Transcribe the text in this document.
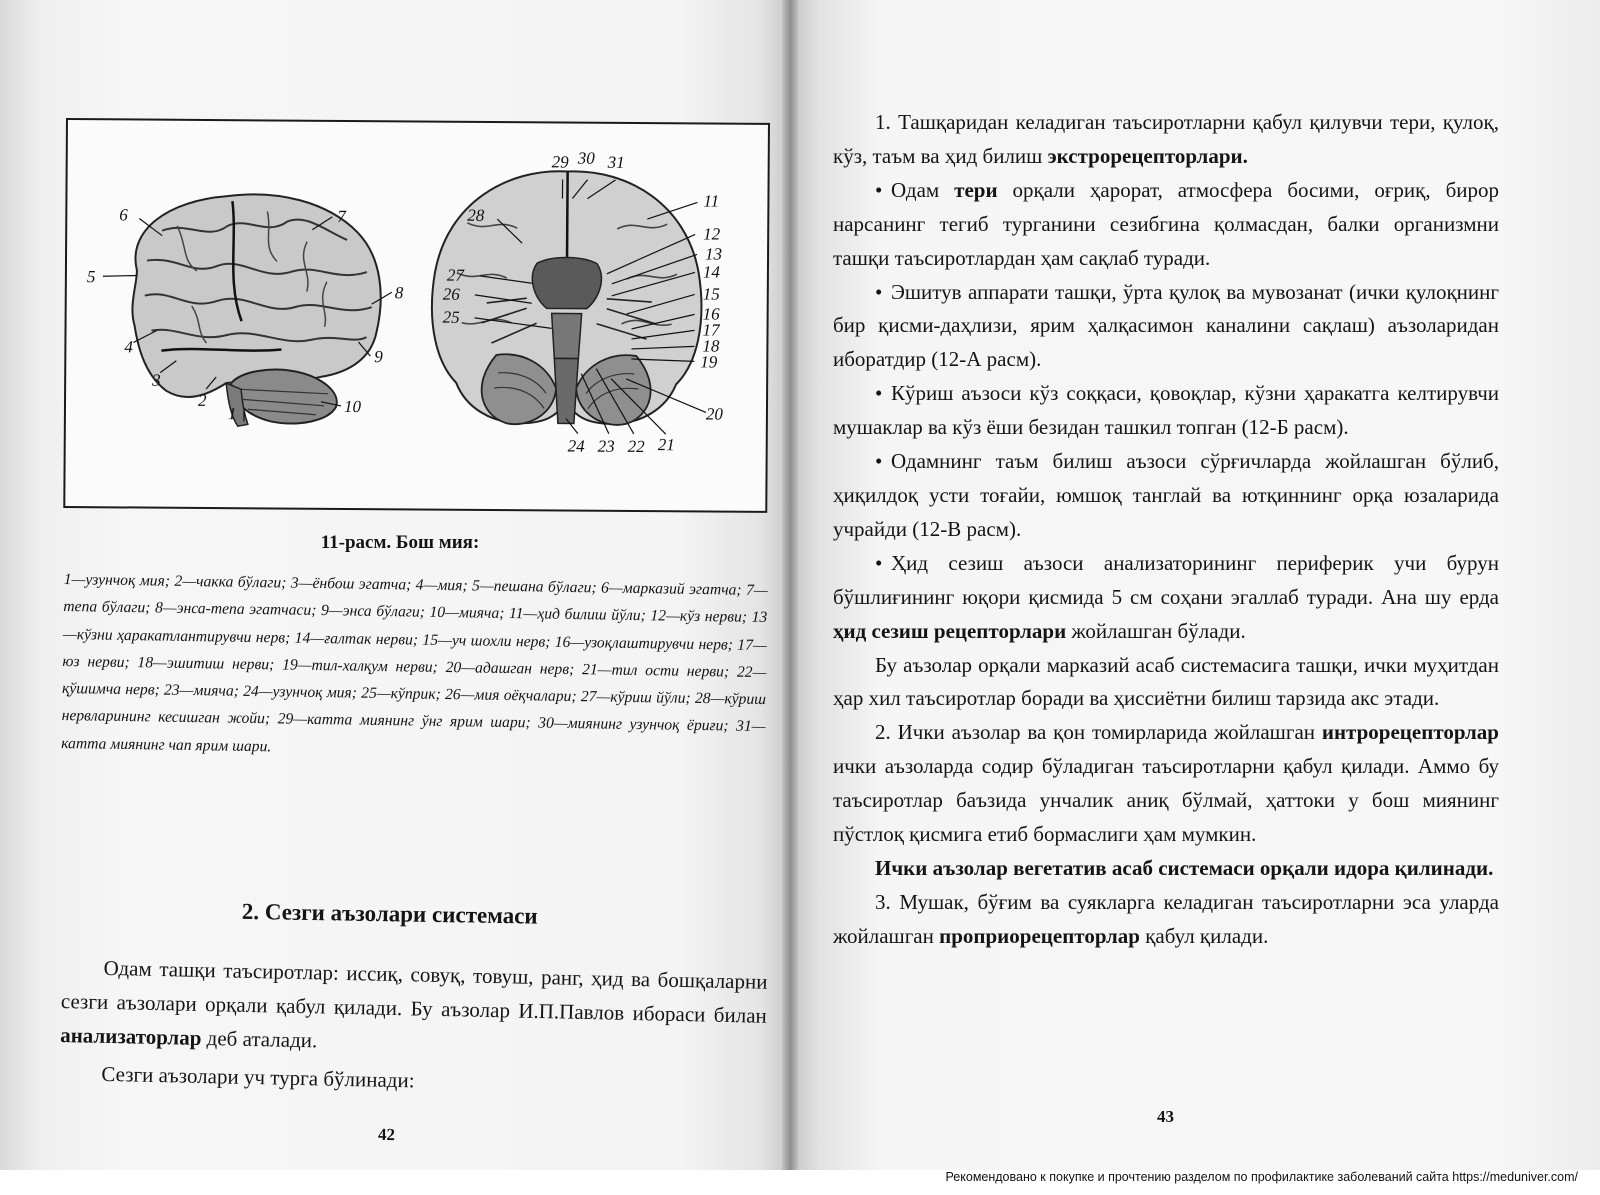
1
2
3
4
5
6	7
8
9
10
11
12
13
14
15
16
17
18
19
20
21
22
23
24
25
26
27
28
29 30 31
11-расм. Бош мия:
1—узунчоқ мия; 2—чакка бўлаги; 3—ёнбош эгатча; 4—мия; 5—пешана бўлаги; 6—марказий эгатча; 7—тепа бўлаги; 8—энса-тепа эгатчаси; 9—энса бўлаги; 10—мияча; 11—ҳид билиш йўли; 12—кўз нерви; 13—кўзни ҳаракатлантирувчи нерв; 14—ғалтак нерви; 15—уч шохли нерв; 16—узоқлаштирувчи нерв; 17—юз нерви; 18—эшитиш нерви; 19—тил-халқум нерви; 20—адашган нерв; 21—тил ости нерви; 22—қўшимча нерв; 23—мияча; 24—узунчоқ мия; 25—кўприк; 26—мия оёқчалари; 27—кўриш йўли; 28—кўриш нервларининг кесишган жойи; 29—катта миянинг ўнг ярим шари; 30—миянинг узунчоқ ёриғи; 31—катта миянинг чап ярим шари.
2. Сезги аъзолари системаси

Одам ташқи таъсиротлар: иссиқ, совуқ, товуш, ранг, ҳид ва бошқаларни сезги аъзолари орқали қабул қилади. Бу аъзолар И.П.Павлов ибораси билан анализаторлар деб аталади.

Сезги аъзолари уч турга бўлинади:

42

1. Ташқаридан келадиган таъсиротларни қабул қилувчи тери, қулоқ, кўз, таъм ва ҳид билиш экстрорецепторлари.

• Одам тери орқали ҳарорат, атмосфера босими, оғриқ, бирор нарсанинг тегиб турганини сезибгина қолмасдан, балки организмни ташқи таъсиротлардан ҳам сақлаб туради.

• Эшитув аппарати ташқи, ўрта қулоқ ва мувозанат (ички қулоқнинг бир қисми-даҳлизи, ярим ҳалқасимон каналини сақлаш) аъзоларидан иборатдир (12-А расм).

• Кўриш аъзоси кўз соққаси, қовоқлар, кўзни ҳаракатга келтирувчи мушаклар ва кўз ёши безидан ташкил топган (12-Б расм).

• Одамнинг таъм билиш аъзоси сўрғичларда жойлашган бўлиб, ҳиқилдоқ усти тоғайи, юмшоқ танглай ва ютқиннинг орқа юзаларида учрайди (12-В расм).

• Ҳид сезиш аъзоси анализаторининг периферик учи бурун бўшлиғининг юқори қисмида 5 см соҳани эгаллаб туради. Ана шу ерда ҳид сезиш рецепторлари жойлашган бўлади.

Бу аъзолар орқали марказий асаб системасига ташқи, ички муҳитдан ҳар хил таъсиротлар боради ва ҳиссиётни билиш тарзида акс этади.

2. Ички аъзолар ва қон томирларида жойлашган интрорецепторлар ички аъзоларда содир бўладиган таъсиротларни қабул қилади. Аммо бу таъсиротлар баъзида унчалик аниқ бўлмай, ҳаттоки у бош миянинг пўстлоқ қисмига етиб бормаслиги ҳам мумкин.

Ички аъзолар вегетатив асаб системаси орқали идора қилинади.

3. Мушак, бўғим ва суякларга келадиган таъсиротларни эса уларда жойлашган проприорецепторлар қабул қилади.

43
Рекомендовано к покупке и прочтению разделом по профилактике заболеваний сайта https://meduniver.com/
